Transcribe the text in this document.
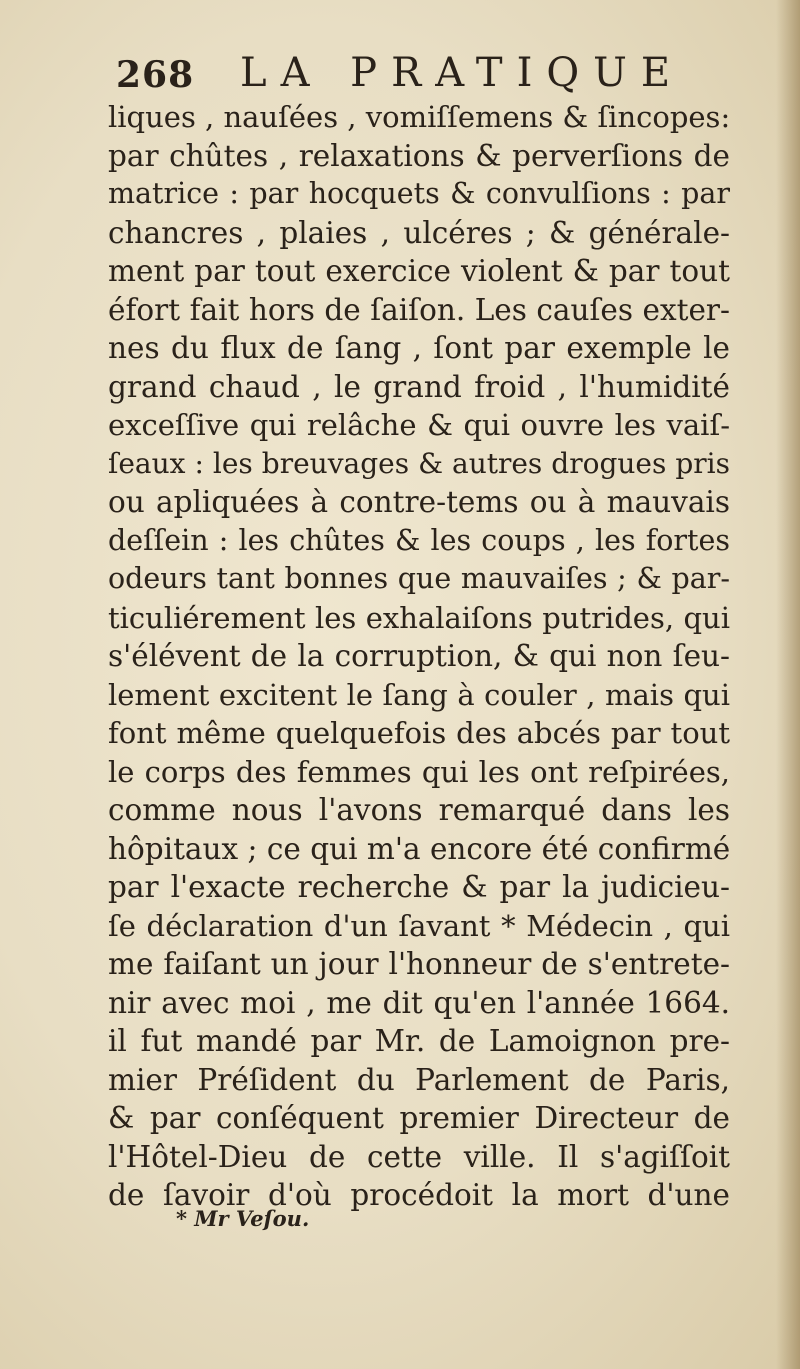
268 LA PRATIQUE
liques , nauſées , vomiſſemens & ſincopes:
par chûtes , relaxations & perverſions de
matrice : par hocquets & convulſions : par
chancres , plaies , ulcéres ; & générale-
ment par tout exercice violent & par tout
éfort fait hors de ſaiſon. Les cauſes exter-
nes du flux de ſang , ſont par exemple le
grand chaud , le grand froid , l'humidité
exceſſive qui relâche & qui ouvre les vaiſ-
ſeaux : les breuvages & autres drogues pris
ou apliquées à contre-tems ou à mauvais
deſſein : les chûtes & les coups , les fortes
odeurs tant bonnes que mauvaiſes ; & par-
ticuliérement les exhalaiſons putrides, qui
s'élévent de la corruption, & qui non ſeu-
lement excitent le ſang à couler , mais qui
font même quelquefois des abcés par tout
le corps des femmes qui les ont reſpirées,
comme nous l'avons remarqué dans les
hôpitaux ; ce qui m'a encore été confirmé
par l'exacte recherche & par la judicieu-
ſe déclaration d'un ſavant * Médecin , qui
me faiſant un jour l'honneur de s'entrete-
nir avec moi , me dit qu'en l'année 1664.
il fut mandé par Mr. de Lamoignon pre-
mier Préſident du Parlement de Paris,
& par conſéquent premier Directeur de
l'Hôtel-Dieu de cette ville. Il s'agiſſoit
de ſavoir d'où procédoit la mort d'une
* Mr Veſou.
